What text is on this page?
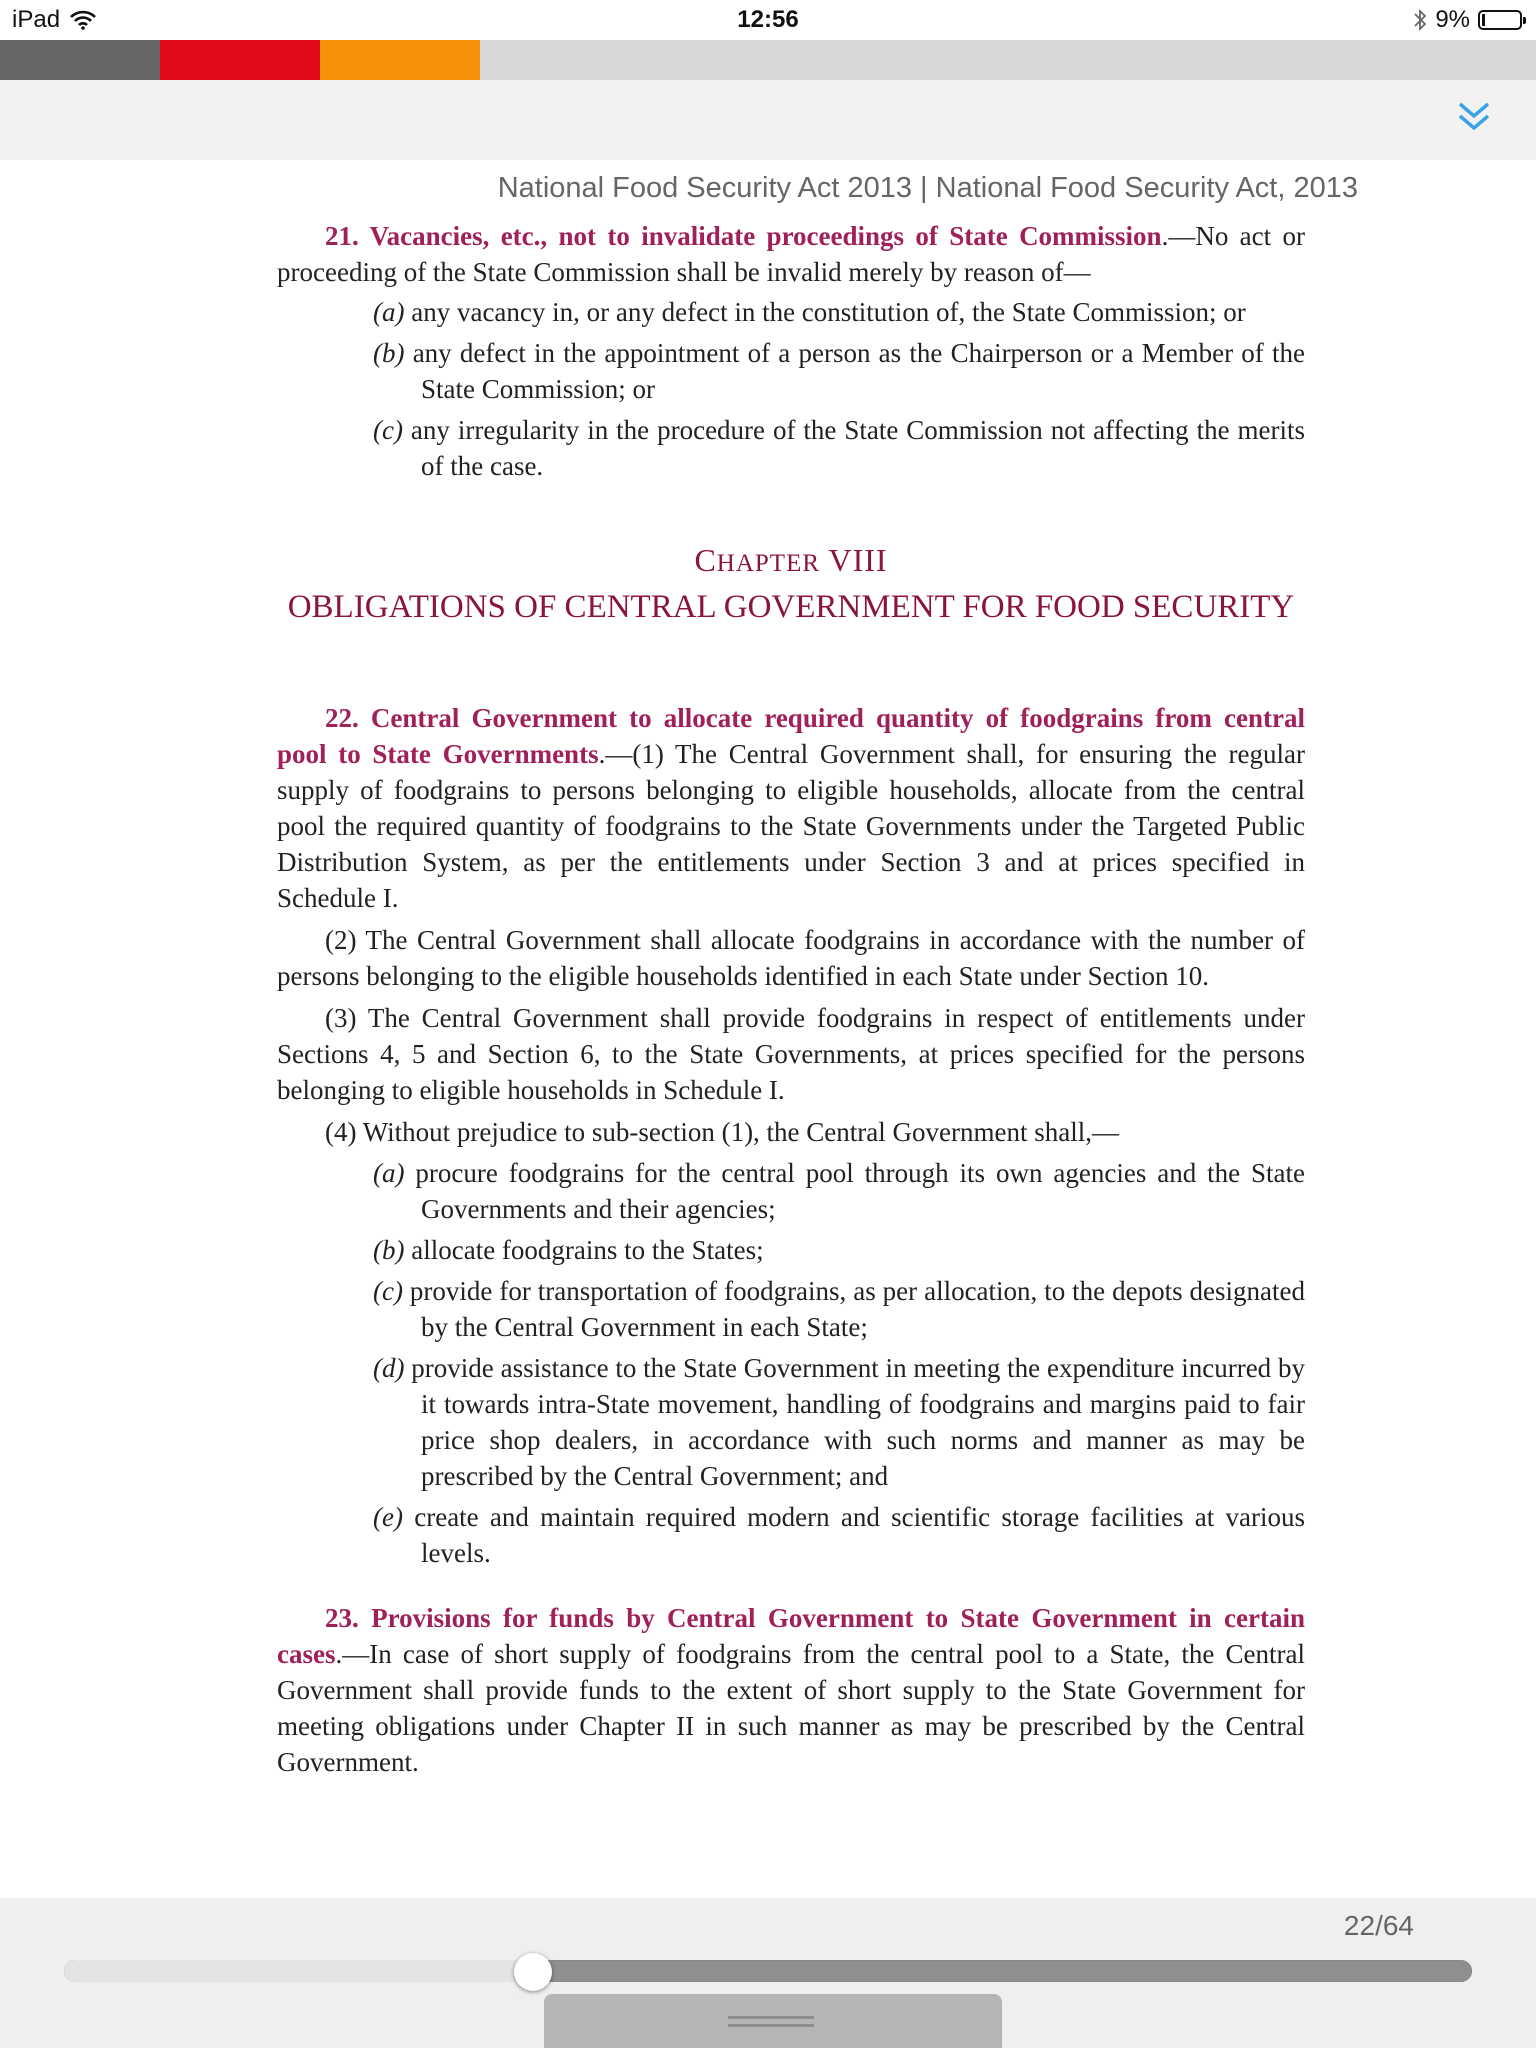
iPad	12:56	9%
National Food Security Act 2013 | National Food Security Act, 2013

21. Vacancies, etc., not to invalidate proceedings of State Commission.—No act or proceeding of the State Commission shall be invalid merely by reason of—

(a) any vacancy in, or any defect in the constitution of, the State Commission; or

(b) any defect in the appointment of a person as the Chairperson or a Member of the State Commission; or

(c) any irregularity in the procedure of the State Commission not affecting the merits of the case.

CHAPTER VIII
OBLIGATIONS OF CENTRAL GOVERNMENT FOR FOOD SECURITY

22. Central Government to allocate required quantity of foodgrains from central pool to State Governments.—(1) The Central Government shall, for ensuring the regular supply of foodgrains to persons belonging to eligible households, allocate from the central pool the required quantity of foodgrains to the State Governments under the Targeted Public Distribution System, as per the entitlements under Section 3 and at prices specified in Schedule I.

(2) The Central Government shall allocate foodgrains in accordance with the number of persons belonging to the eligible households identified in each State under Section 10.

(3) The Central Government shall provide foodgrains in respect of entitlements under Sections 4, 5 and Section 6, to the State Governments, at prices specified for the persons belonging to eligible households in Schedule I.

(4) Without prejudice to sub-section (1), the Central Government shall,—

(a) procure foodgrains for the central pool through its own agencies and the State Governments and their agencies;

(b) allocate foodgrains to the States;

(c) provide for transportation of foodgrains, as per allocation, to the depots designated by the Central Government in each State;

(d) provide assistance to the State Government in meeting the expenditure incurred by it towards intra-State movement, handling of foodgrains and margins paid to fair price shop dealers, in accordance with such norms and manner as may be prescribed by the Central Government; and

(e) create and maintain required modern and scientific storage facilities at various levels.

23. Provisions for funds by Central Government to State Government in certain cases.—In case of short supply of foodgrains from the central pool to a State, the Central Government shall provide funds to the extent of short supply to the State Government for meeting obligations under Chapter II in such manner as may be prescribed by the Central Government.

22/64
